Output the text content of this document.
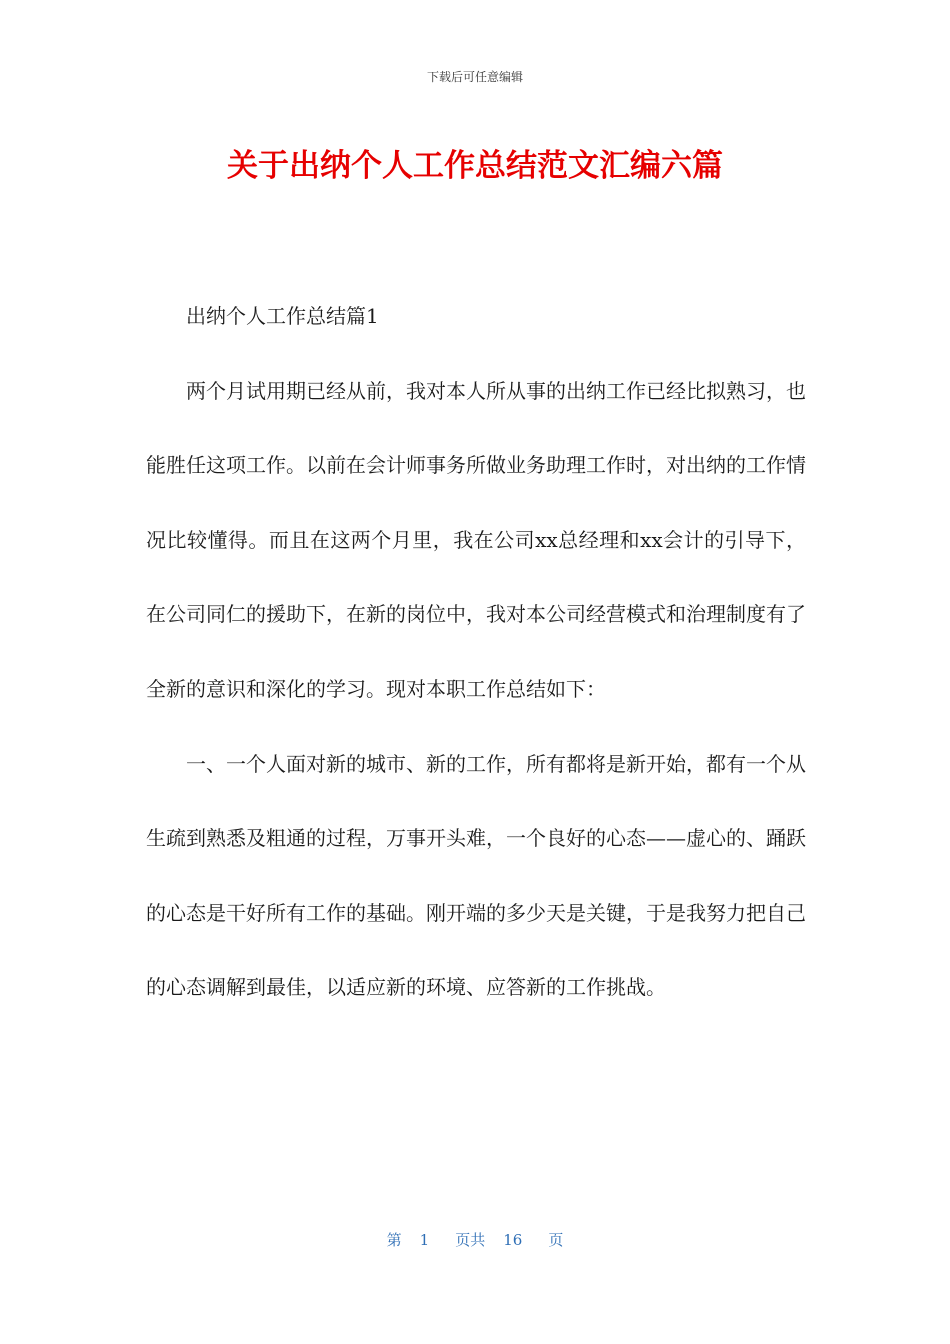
下载后可任意编辑
关于出纳个人工作总结范文汇编六篇

出纳个人工作总结篇1

两个月试用期已经从前，我对本人所从事的出纳工作已经比拟熟习，也能胜任这项工作。以前在会计师事务所做业务助理工作时，对出纳的工作情况比较懂得。而且在这两个月里，我在公司xx总经理和xx会计的引导下，在公司同仁的援助下，在新的岗位中，我对本公司经营模式和治理制度有了全新的意识和深化的学习。现对本职工作总结如下：

一、一个人面对新的城市、新的工作，所有都将是新开始，都有一个从生疏到熟悉及粗通的过程，万事开头难，一个良好的心态——虚心的、踊跃的心态是干好所有工作的基础。刚开端的多少天是关键，于是我努力把自己的心态调解到最佳，以适应新的环境、应答新的工作挑战。

第 1 页共 16 页
